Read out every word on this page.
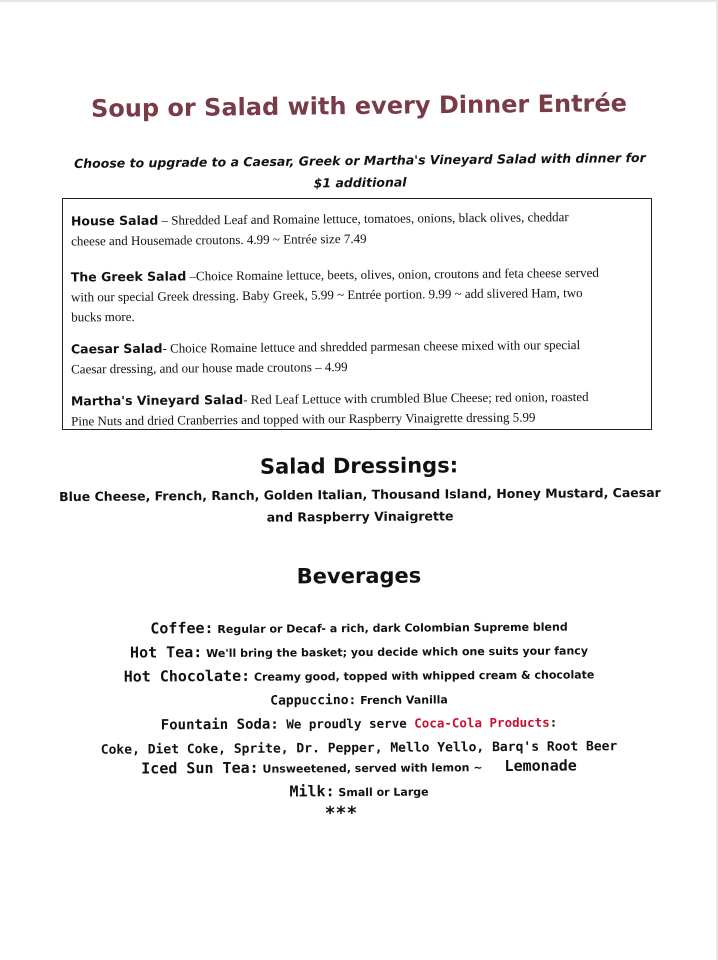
Soup or Salad with every Dinner Entrée
Choose to upgrade to a Caesar, Greek or Martha's Vineyard Salad with dinner for
$1 additional
House Salad – Shredded Leaf and Romaine lettuce, tomatoes, onions, black olives, cheddar
cheese and Housemade croutons. 4.99 ~ Entrée size 7.49
The Greek Salad –Choice Romaine lettuce, beets, olives, onion, croutons and feta cheese served
with our special Greek dressing. Baby Greek, 5.99 ~ Entrée portion. 9.99 ~ add slivered Ham, two
bucks more.
Caesar Salad- Choice Romaine lettuce and shredded parmesan cheese mixed with our special
Caesar dressing, and our house made croutons – 4.99
Martha's Vineyard Salad- Red Leaf Lettuce with crumbled Blue Cheese; red onion, roasted
Pine Nuts and dried Cranberries and topped with our Raspberry Vinaigrette dressing 5.99
Salad Dressings:
Blue Cheese, French, Ranch, Golden Italian, Thousand Island, Honey Mustard, Caesar
and Raspberry Vinaigrette
Beverages
Coffee: Regular or Decaf- a rich, dark Colombian Supreme blend
Hot Tea: We'll bring the basket; you decide which one suits your fancy
Hot Chocolate: Creamy good, topped with whipped cream & chocolate
Cappuccino: French Vanilla
Fountain Soda: We proudly serve Coca-Cola Products:
Coke, Diet Coke, Sprite, Dr. Pepper, Mello Yello, Barq's Root Beer
Iced Sun Tea: Unsweetened, served with lemon ~ Lemonade
Milk: Small or Large
***
